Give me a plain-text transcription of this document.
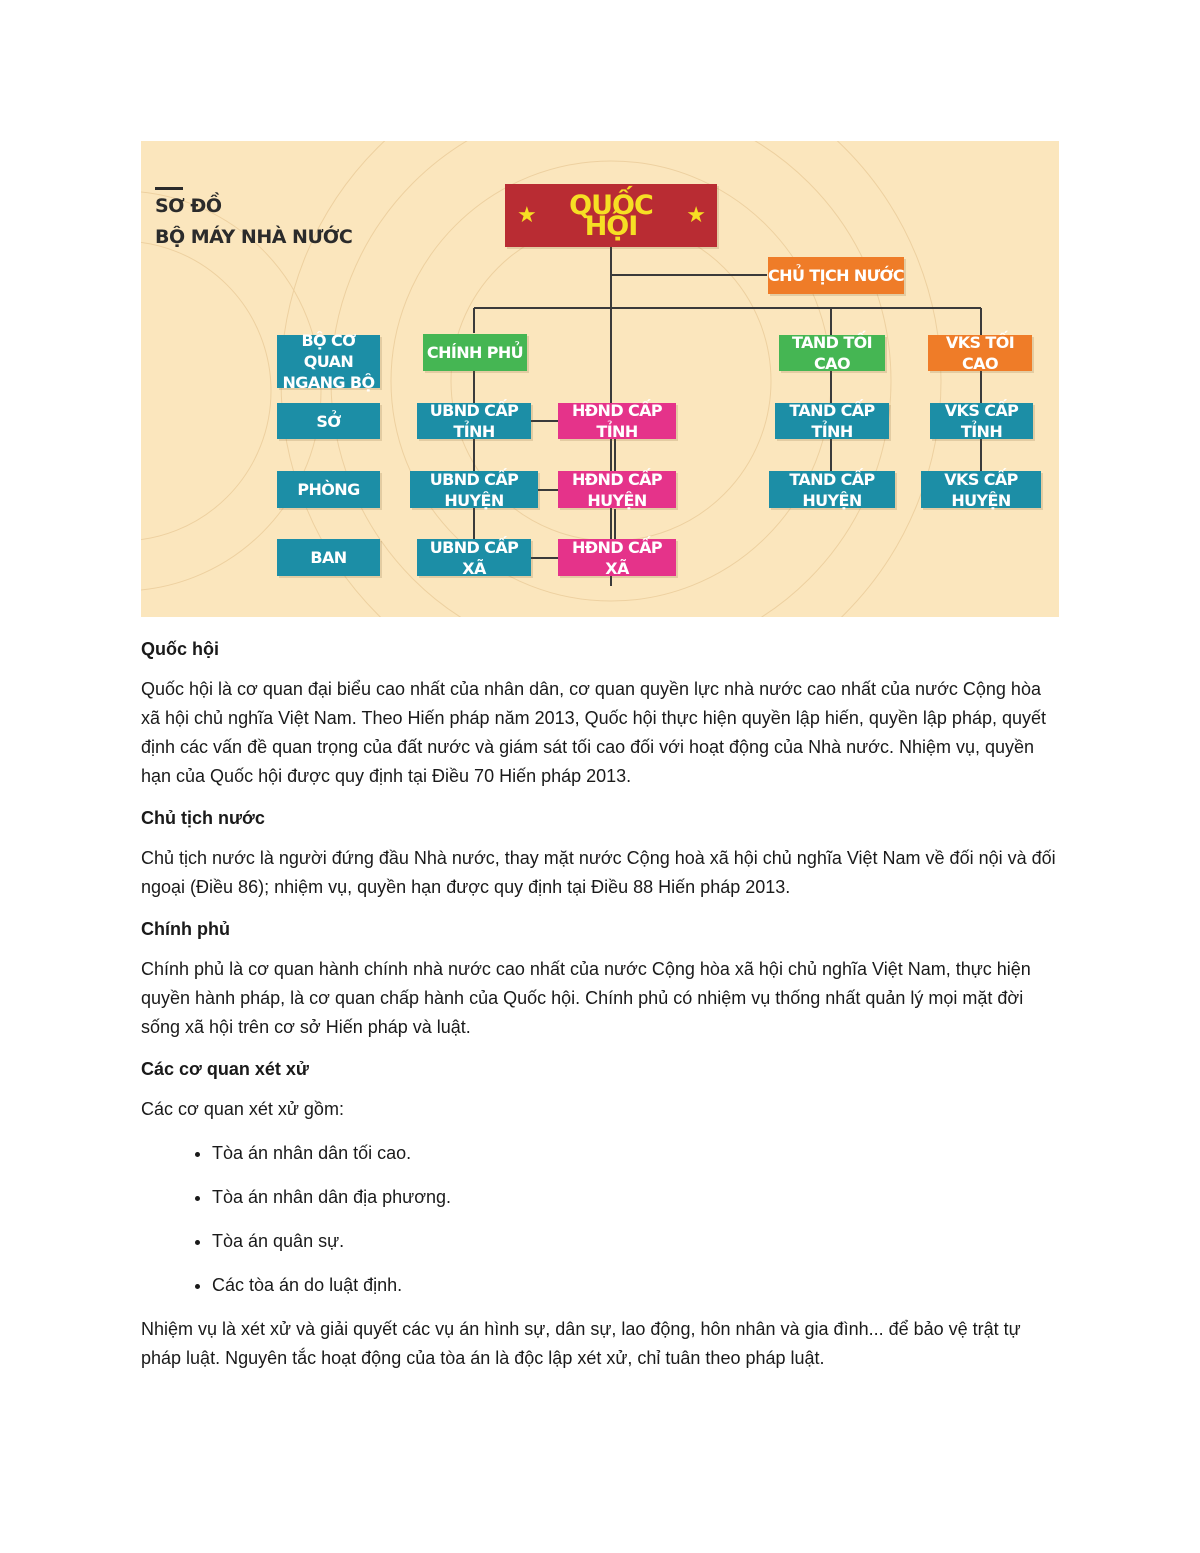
SƠ ĐỒ
BỘ MÁY NHÀ NƯỚC
★	QUỐC HỘI	★
CHỦ TỊCH NƯỚC
CHÍNH PHỦ
TAND TỐI CAO
VKS TỐI CAO
BỘ CƠ QUAN
NGANG BỘ
SỞ
PHÒNG
BAN
UBND CẤP TỈNH
UBND CẤP HUYỆN
UBND CẤP XÃ
HĐND CẤP TỈNH
HĐND CẤP HUYỆN
HĐND CẤP XÃ
TAND CẤP TỈNH
TAND CẤP HUYỆN
VKS CẤP TỈNH
VKS CẤP HUYỆN
Quốc hội

Quốc hội là cơ quan đại biểu cao nhất của nhân dân, cơ quan quyền lực nhà nước cao nhất của nước Cộng hòa xã hội chủ nghĩa Việt Nam. Theo Hiến pháp năm 2013, Quốc hội thực hiện quyền lập hiến, quyền lập pháp, quyết định các vấn đề quan trọng của đất nước và giám sát tối cao đối với hoạt động của Nhà nước. Nhiệm vụ, quyền hạn của Quốc hội được quy định tại Điều 70 Hiến pháp 2013.

Chủ tịch nước

Chủ tịch nước là người đứng đầu Nhà nước, thay mặt nước Cộng hoà xã hội chủ nghĩa Việt Nam về đối nội và đối ngoại (Điều 86); nhiệm vụ, quyền hạn được quy định tại Điều 88 Hiến pháp 2013.

Chính phủ

Chính phủ là cơ quan hành chính nhà nước cao nhất của nước Cộng hòa xã hội chủ nghĩa Việt Nam, thực hiện quyền hành pháp, là cơ quan chấp hành của Quốc hội. Chính phủ có nhiệm vụ thống nhất quản lý mọi mặt đời sống xã hội trên cơ sở Hiến pháp và luật.

Các cơ quan xét xử

Các cơ quan xét xử gồm:

• Tòa án nhân dân tối cao.
• Tòa án nhân dân địa phương.
• Tòa án quân sự.
• Các tòa án do luật định.

Nhiệm vụ là xét xử và giải quyết các vụ án hình sự, dân sự, lao động, hôn nhân và gia đình... để bảo vệ trật tự pháp luật. Nguyên tắc hoạt động của tòa án là độc lập xét xử, chỉ tuân theo pháp luật.
